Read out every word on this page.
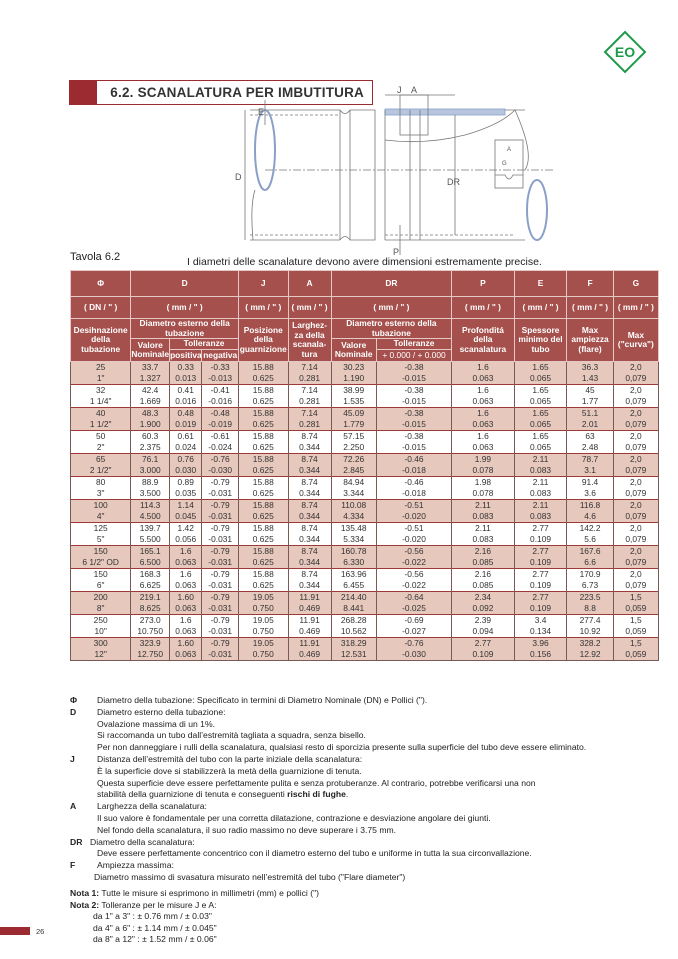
EO
6.2. SCANALATURA PER IMBUTITURA
D
E
J A
DR
P
A
G
Tavola 6.2	I diametri delle scanalature devono avere dimensioni estremamente precise.
Φ	D			J	A	DR		P	E	F	G
( DN / " )	( mm / " )			( mm / " )	( mm / " )	( mm / " )		( mm / " )	( mm / " )	( mm / " )	( mm / " )
Desihnazione della tubazione	Diametro esterno della tubazione			Posizione della guarnizione	Larghez-za della scanala-tura	Diametro esterno della tubazione		Profonditá della scanalatura	Spessore minimo del tubo	Max ampiezza (flare)	Max ("curva")
	Valore Nominale	Tolleranze				Valore Nominale	Tolleranze				
		positiva	negativa				+ 0.000 / + 0.000				
25	33.7	0.33	-0.33	15.88	7.14	30.23	-0.38	1.6	1.65	36.3	2,0
1"	1.327	0.013	-0.013	0.625	0.281	1.190	-0.015	0.063	0.065	1.43	0,079
32	42.4	0.41	-0.41	15.88	7.14	38.99	-0.38	1.6	1.65	45	2,0
1 1/4"	1.669	0.016	-0.016	0.625	0.281	1.535	-0.015	0.063	0.065	1.77	0,079
40	48.3	0.48	-0.48	15.88	7.14	45.09	-0.38	1.6	1.65	51.1	2,0
1 1/2"	1.900	0.019	-0.019	0.625	0.281	1.779	-0.015	0.063	0.065	2.01	0,079
50	60.3	0.61	-0.61	15.88	8.74	57.15	-0.38	1.6	1.65	63	2,0
2"	2.375	0.024	-0.024	0.625	0.344	2.250	-0.015	0.063	0.065	2.48	0,079
65	76.1	0.76	-0.76	15.88	8.74	72.26	-0.46	1.99	2.11	78.7	2,0
2 1/2"	3.000	0.030	-0.030	0.625	0.344	2.845	-0.018	0.078	0.083	3.1	0,079
80	88.9	0.89	-0.79	15.88	8.74	84.94	-0.46	1.98	2.11	91.4	2,0
3"	3.500	0.035	-0.031	0.625	0.344	3.344	-0.018	0.078	0.083	3.6	0,079
100	114.3	1.14	-0.79	15.88	8.74	110.08	-0.51	2.11	2.11	116.8	2,0
4"	4.500	0.045	-0.031	0.625	0.344	4.334	-0.020	0.083	0.083	4.6	0,079
125	139.7	1.42	-0.79	15.88	8.74	135.48	-0.51	2.11	2.77	142.2	2,0
5"	5.500	0.056	-0.031	0.625	0.344	5.334	-0.020	0.083	0.109	5.6	0,079
150	165.1	1.6	-0.79	15.88	8.74	160.78	-0.56	2.16	2.77	167.6	2,0
6 1/2" OD	6.500	0.063	-0.031	0.625	0.344	6.330	-0.022	0.085	0.109	6.6	0,079
150	168.3	1.6	-0.79	15.88	8.74	163.96	-0.56	2.16	2.77	170.9	2,0
6"	6.625	0.063	-0.031	0.625	0.344	6.455	-0.022	0.085	0.109	6.73	0,079
200	219.1	1.60	-0.79	19.05	11.91	214.40	-0.64	2.34	2.77	223.5	1,5
8"	8.625	0.063	-0.031	0.750	0.469	8.441	-0.025	0.092	0.109	8.8	0,059
250	273.0	1.6	-0.79	19.05	11.91	268.28	-0.69	2.39	3.4	277.4	1,5
10"	10.750	0.063	-0.031	0.750	0.469	10.562	-0.027	0.094	0.134	10.92	0,059
300	323.9	1.60	-0.79	19.05	11.91	318.29	-0.76	2.77	3.96	328.2	1,5
12"	12.750	0.063	-0.031	0.750	0.469	12.531	-0.030	0.109	0.156	12.92	0,059
Φ	Diametro della tubazione: Specificato in termini di Diametro Nominale (DN) e Pollici (").
D	Diametro esterno della tubazione:
Ovalazione massima di un 1%.
Si raccomanda un tubo dall’estremità tagliata a squadra, senza bisello.
Per non danneggiare i rulli della scanalatura, qualsiasi resto di sporcizia presente sulla superficie del tubo deve essere eliminato.
J	Distanza dell’estremità del tubo con la parte iniziale della scanalatura:
È la superficie dove si stabilizzerà la metà della guarnizione di tenuta.
Questa superficie deve essere perfettamente pulita e senza protuberanze. Al contrario, potrebbe verificarsi una non
stabilità della guarnizione di tenuta e conseguenti rischi di fughe.
A	Larghezza della scanalatura:
Il suo valore è fondamentale per una corretta dilatazione, contrazione e desviazione angolare dei giunti.
Nel fondo della scanalatura, il suo radio massimo no deve superare i 3.75 mm.
DR Diametro della scanalatura:
Deve essere perfettamente concentrico con il diametro esterno del tubo e uniforme in tutta la sua circonvallazione.
F	Ampiezza massima:
Diametro massimo di svasatura misurato nell’estremità del tubo ("Flare diameter")
Nota 1: Tutte le misure si esprimono in millimetri (mm) e pollici (")
Nota 2: Tolleranze per le misure J e A:
da 1" a 3" : ± 0.76 mm / ± 0.03"
da 4" a 6" : ± 1.14 mm / ± 0.045"
da 8" a 12" : ± 1.52 mm / ± 0.06"
26
